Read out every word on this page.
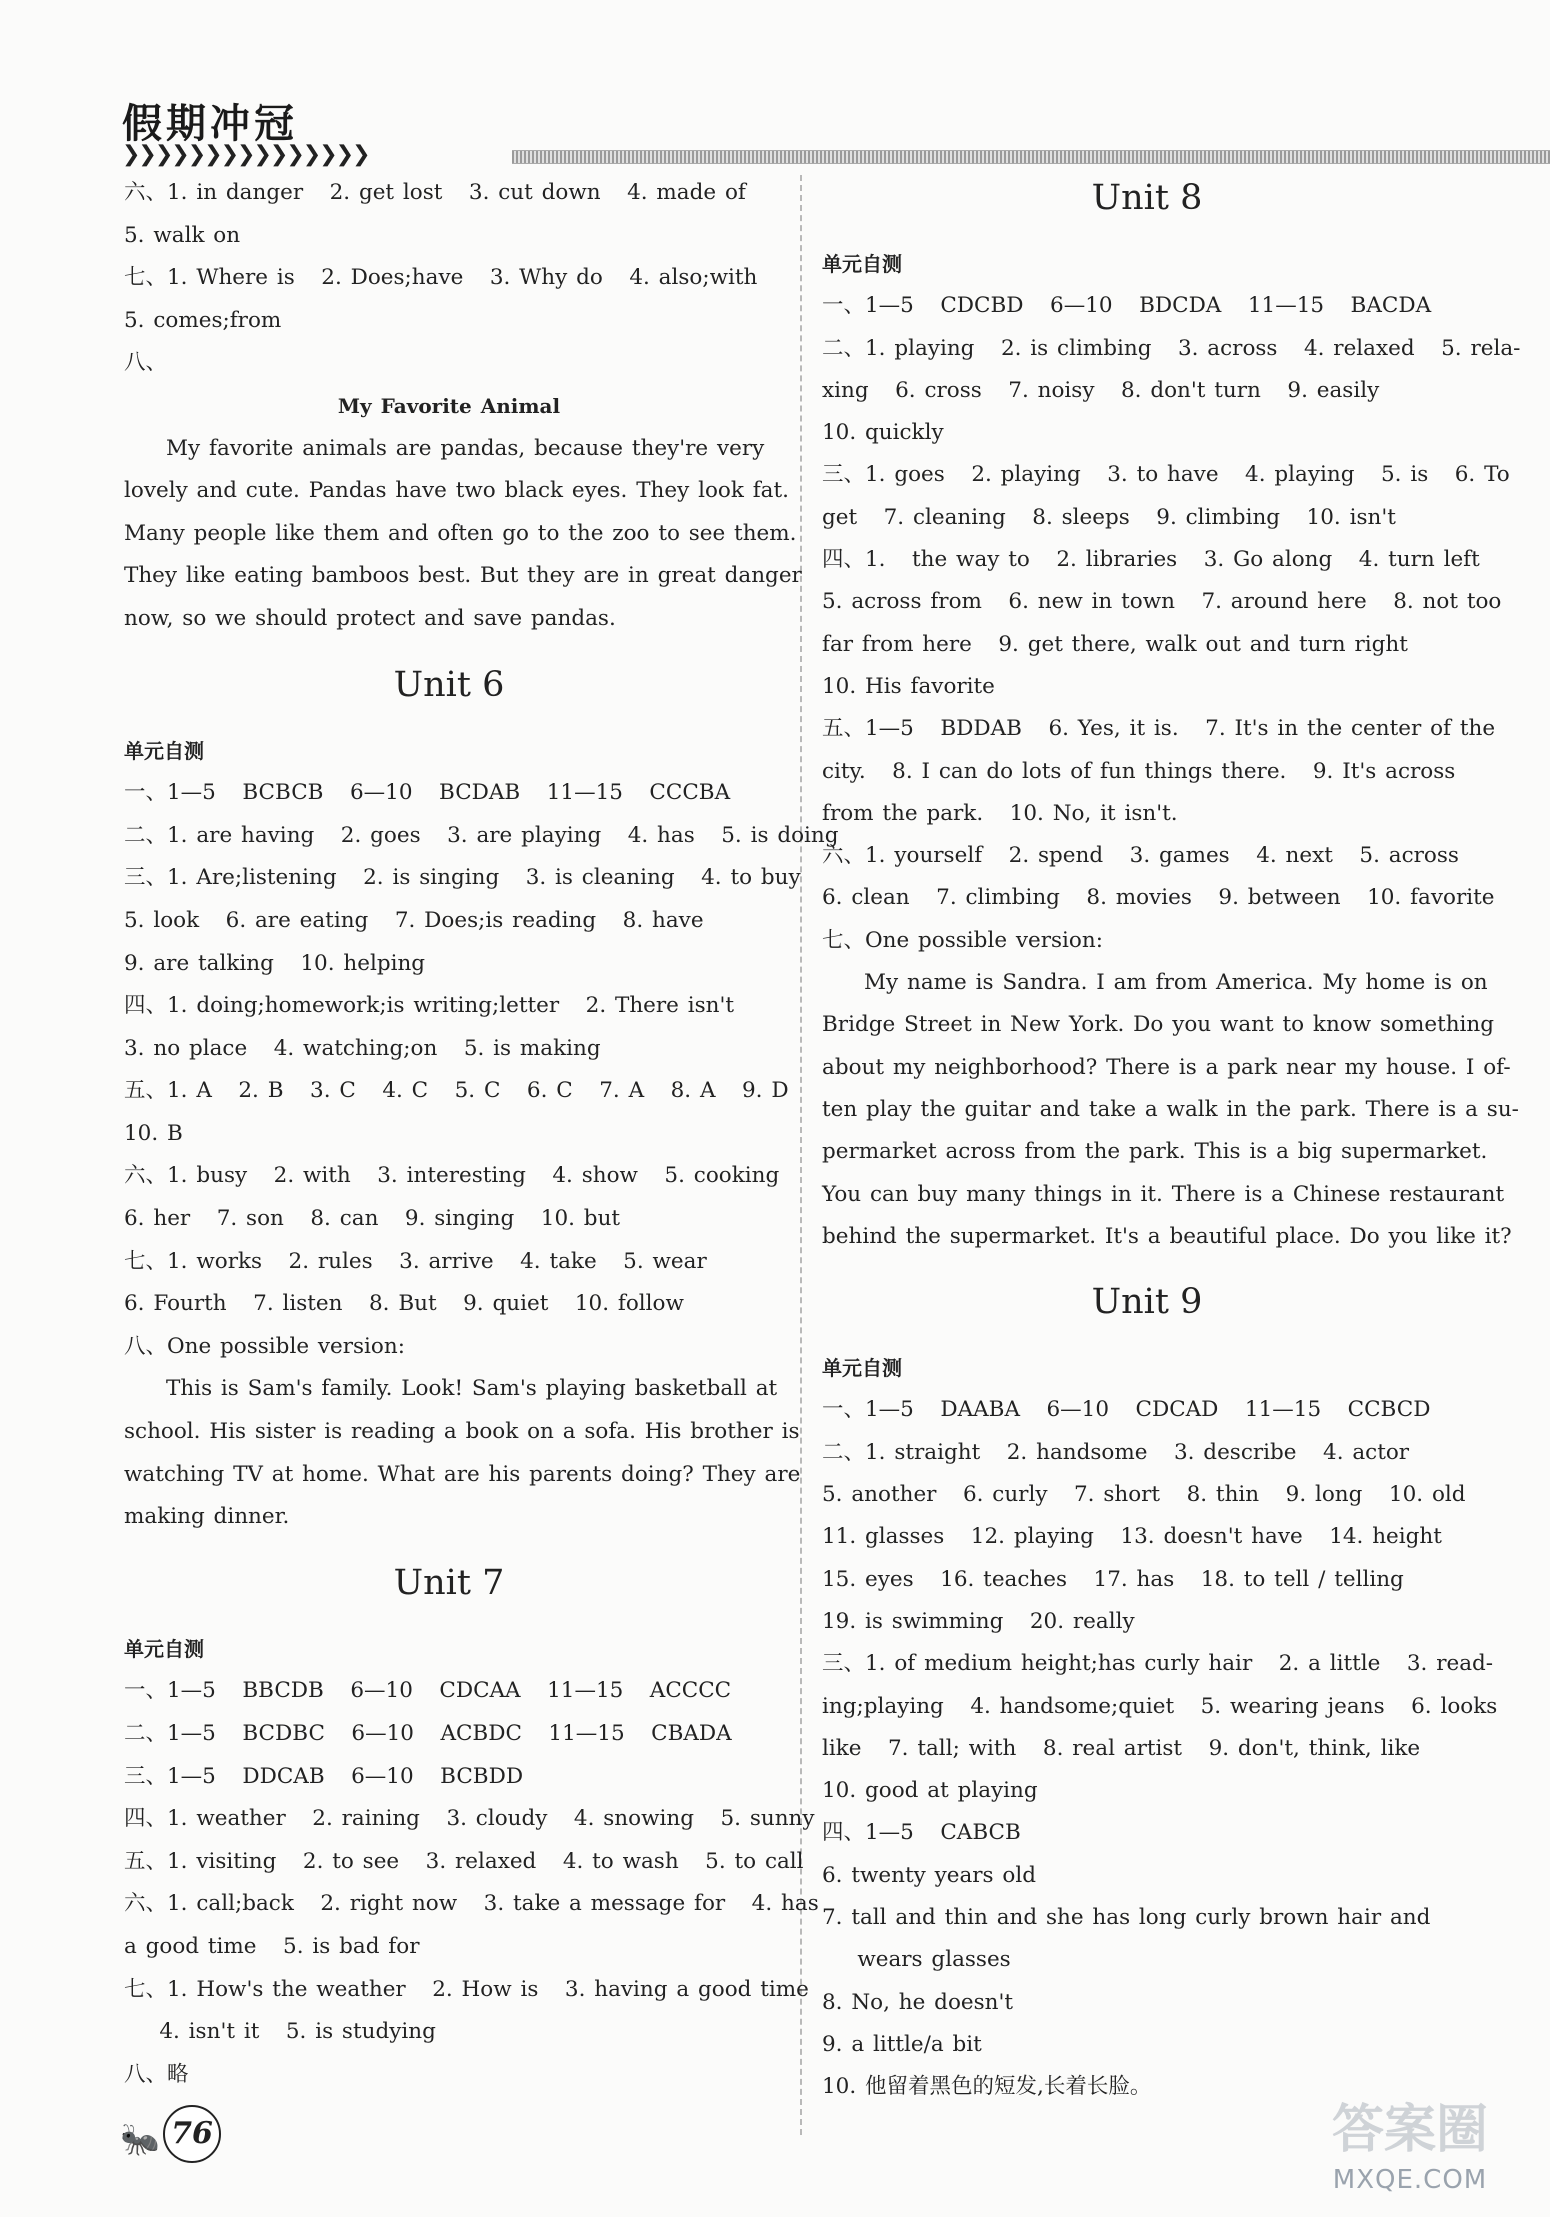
假期冲冠
❯❯❯❯❯❯❯❯❯❯❯❯❯❯❯
六、1. in danger   2. get lost   3. cut down   4. made of
5. walk on
七、1. Where is   2. Does;have   3. Why do   4. also;with
5. comes;from
八、
My Favorite Animal
My favorite animals are pandas, because they're very
lovely and cute. Pandas have two black eyes. They look fat.
Many people like them and often go to the zoo to see them.
They like eating bamboos best. But they are in great danger
now, so we should protect and save pandas.
Unit 6
单元自测
一、1—5   BCBCB   6—10   BCDAB   11—15   CCCBA
二、1. are having   2. goes   3. are playing   4. has   5. is doing
三、1. Are;listening   2. is singing   3. is cleaning   4. to buy
5. look   6. are eating   7. Does;is reading   8. have
9. are talking   10. helping
四、1. doing;homework;is writing;letter   2. There isn't
3. no place   4. watching;on   5. is making
五、1. A   2. B   3. C   4. C   5. C   6. C   7. A   8. A   9. D
10. B
六、1. busy   2. with   3. interesting   4. show   5. cooking
6. her   7. son   8. can   9. singing   10. but
七、1. works   2. rules   3. arrive   4. take   5. wear
6. Fourth   7. listen   8. But   9. quiet   10. follow
八、One possible version:
This is Sam's family. Look! Sam's playing basketball at
school. His sister is reading a book on a sofa. His brother is
watching TV at home. What are his parents doing? They are
making dinner.
Unit 7
单元自测
一、1—5   BBCDB   6—10   CDCAA   11—15   ACCCC
二、1—5   BCDBC   6—10   ACBDC   11—15   CBADA
三、1—5   DDCAB   6—10   BCBDD
四、1. weather   2. raining   3. cloudy   4. snowing   5. sunny
五、1. visiting   2. to see   3. relaxed   4. to wash   5. to call
六、1. call;back   2. right now   3. take a message for   4. has
a good time   5. is bad for
七、1. How's the weather   2. How is   3. having a good time
4. isn't it   5. is studying
八、略
Unit 8
单元自测
一、1—5   CDCBD   6—10   BDCDA   11—15   BACDA
二、1. playing   2. is climbing   3. across   4. relaxed   5. rela-
xing   6. cross   7. noisy   8. don't turn   9. easily
10. quickly
三、1. goes   2. playing   3. to have   4. playing   5. is   6. To
get   7. cleaning   8. sleeps   9. climbing   10. isn't
四、1.   the way to   2. libraries   3. Go along   4. turn left
5. across from   6. new in town   7. around here   8. not too
far from here   9. get there, walk out and turn right
10. His favorite
五、1—5   BDDAB   6. Yes, it is.   7. It's in the center of the
city.   8. I can do lots of fun things there.   9. It's across
from the park.   10. No, it isn't.
六、1. yourself   2. spend   3. games   4. next   5. across
6. clean   7. climbing   8. movies   9. between   10. favorite
七、One possible version:
My name is Sandra. I am from America. My home is on
Bridge Street in New York. Do you want to know something
about my neighborhood? There is a park near my house. I of-
ten play the guitar and take a walk in the park. There is a su-
permarket across from the park. This is a big supermarket.
You can buy many things in it. There is a Chinese restaurant
behind the supermarket. It's a beautiful place. Do you like it?
Unit 9
单元自测
一、1—5   DAABA   6—10   CDCAD   11—15   CCBCD
二、1. straight   2. handsome   3. describe   4. actor
5. another   6. curly   7. short   8. thin   9. long   10. old
11. glasses   12. playing   13. doesn't have   14. height
15. eyes   16. teaches   17. has   18. to tell / telling
19. is swimming   20. really
三、1. of medium height;has curly hair   2. a little   3. read-
ing;playing   4. handsome;quiet   5. wearing jeans   6. looks
like   7. tall; with   8. real artist   9. don't, think, like
10. good at playing
四、1—5   CABCB
6. twenty years old
7. tall and thin and she has long curly brown hair and
wears glasses
8. No, he doesn't
9. a little/a bit
10. 他留着黑色的短发,长着长脸。
🐜 76	答案圈
MXQE.COM
